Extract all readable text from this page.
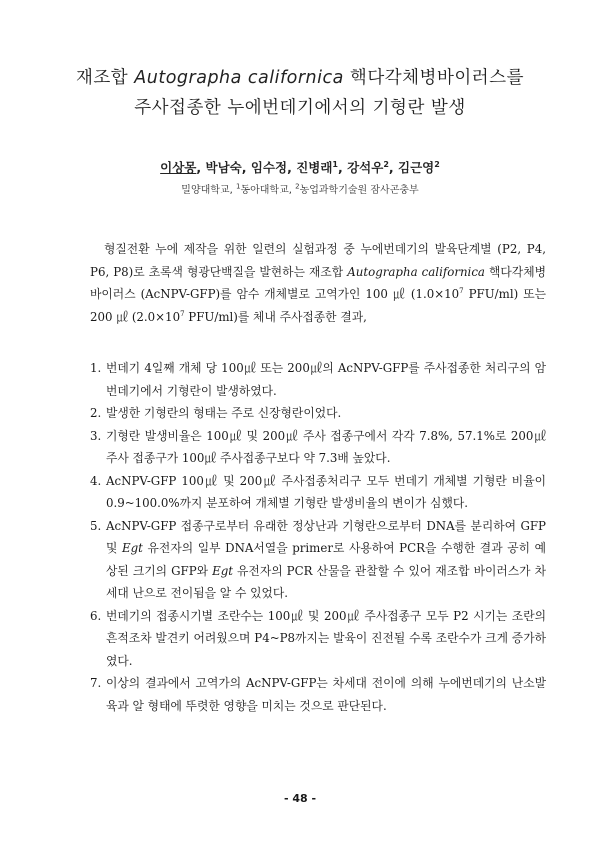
재조합 Autographa californica 핵다각체병바이러스를
주사접종한 누에번데기에서의 기형란 발생
이상몽, 박남숙, 임수정, 진병래$^1$, 강석우$^2$, 김근영$^2$
밀양대학교, $^1$동아대학교, $^2$농업과학기술원 잠사곤충부

형질전환 누에 제작을 위한 일련의 실험과정 중 누에번데기의 발육단계별 (P2, P4, P6, P8)로 초록색 형광단백질을 발현하는 재조합 Autographa californica 핵다각체병 바이러스 (AcNPV-GFP)를 암수 개체별로 고역가인 100 ㎕ ($1.0\times 10^7$ PFU/ml) 또는 200 ㎕ ($2.0\times 10^7$ PFU/ml)를 체내 주사접종한 결과,

1. 번데기 4일째 개체 당 100㎕ 또는 200㎕의 AcNPV-GFP를 주사접종한 처리구의 암 번데기에서 기형란이 발생하였다.
2. 발생한 기형란의 형태는 주로 신장형란이었다.
3. 기형란 발생비율은 100㎕ 및 200㎕ 주사 접종구에서 각각 7.8%, 57.1%로 200㎕ 주사 접종구가 100㎕ 주사접종구보다 약 7.3배 높았다.
4. AcNPV-GFP 100㎕ 및 200㎕ 주사접종처리구 모두 번데기 개체별 기형란 비율이 0.9~100.0%까지 분포하여 개체별 기형란 발생비율의 변이가 심했다.
5. AcNPV-GFP 접종구로부터 유래한 정상난과 기형란으로부터 DNA를 분리하여 GFP 및 Egt 유전자의 일부 DNA서열을 primer로 사용하여 PCR을 수행한 결과 공히 예상된 크기의 GFP와 Egt 유전자의 PCR 산물을 관찰할 수 있어 재조합 바이러스가 차세대 난으로 전이됨을 알 수 있었다.
6. 번데기의 접종시기별 조란수는 100㎕ 및 200㎕ 주사접종구 모두 P2 시기는 조란의 흔적조차 발견키 어려웠으며 P4~P8까지는 발육이 진전될 수록 조란수가 크게 증가하였다.
7. 이상의 결과에서 고역가의 AcNPV-GFP는 차세대 전이에 의해 누에번데기의 난소발육과 알 형태에 뚜렷한 영향을 미치는 것으로 판단된다.
- 48 -
